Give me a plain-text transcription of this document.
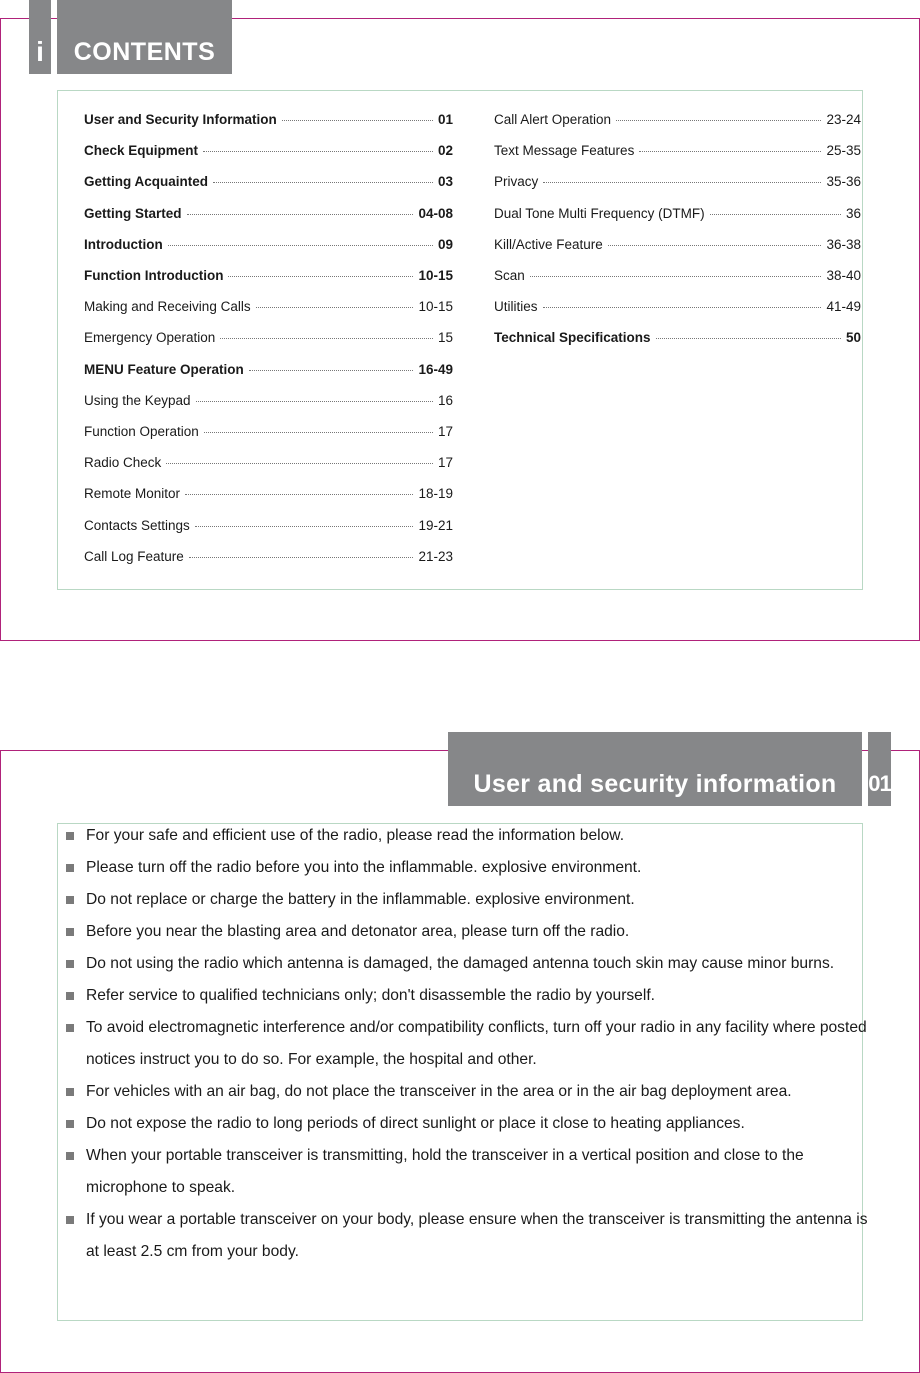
i	CONTENTS
User and Security Information	01
Check Equipment	02
Getting Acquainted	03
Getting Started	04-08
Introduction	09
Function Introduction	10-15
Making and Receiving Calls	10-15
Emergency Operation	15
MENU Feature Operation	16-49
Using the Keypad	16
Function Operation	17
Radio Check	17
Remote Monitor	18-19
Contacts Settings	19-21
Call Log Feature	21-23
Call Alert Operation	23-24
Text Message Features	25-35
Privacy	35-36
Dual Tone Multi Frequency (DTMF)	36
Kill/Active Feature	36-38
Scan	38-40
Utilities	41-49
Technical Specifications	50
User and security information	01
For your safe and efficient use of the radio, please read the information below.
Please turn off the radio before you into the inflammable. explosive environment.
Do not replace or charge the battery in the inflammable. explosive environment.
Before you near the blasting area and detonator area, please turn off the radio.
Do not using the radio which antenna is damaged, the damaged antenna touch skin may cause minor burns.
Refer service to qualified technicians only; don't disassemble the radio by yourself.
To avoid electromagnetic interference and/or compatibility conflicts, turn off your radio in any facility where posted notices instruct you to do so. For example, the hospital and other.
For vehicles with an air bag, do not place the transceiver in the area or in the air bag deployment area.
Do not expose the radio to long periods of direct sunlight or place it close to heating appliances.
When your portable transceiver is transmitting, hold the transceiver in a vertical position and close to the microphone to speak.
If you wear a portable transceiver on your body, please ensure when the transceiver is transmitting the antenna is at least 2.5 cm from your body.
